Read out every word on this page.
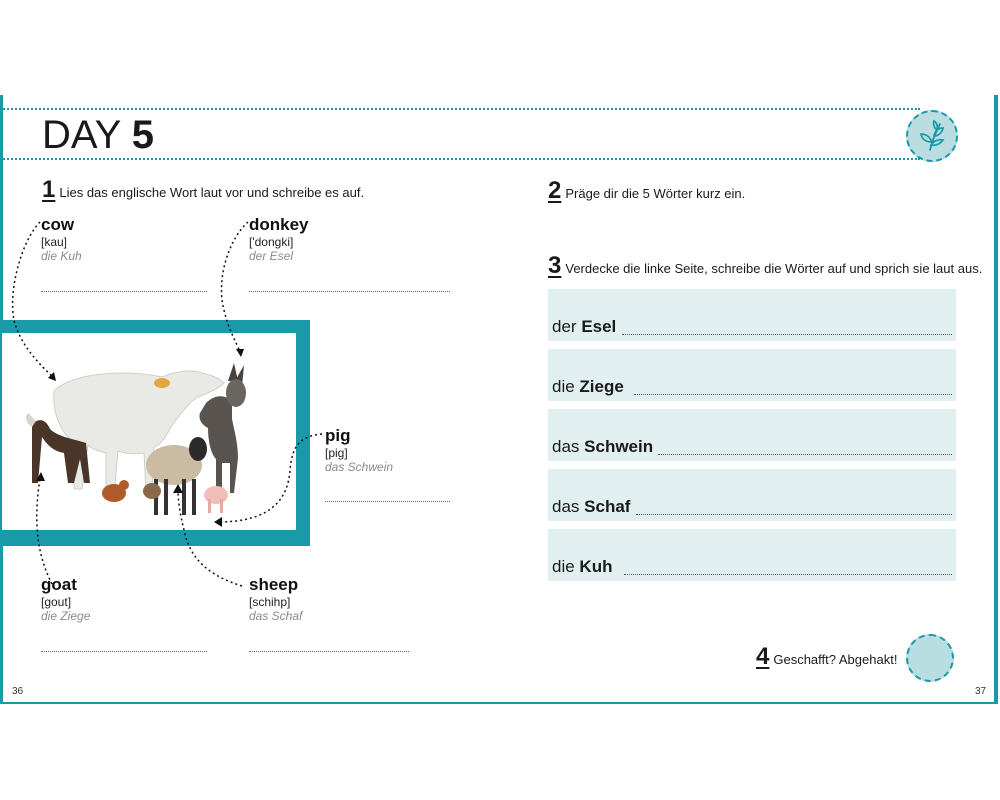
DAY 5
1 Lies das englische Wort laut vor und schreibe es auf.
cow
[kau]
die Kuh
donkey
['dongki]
der Esel
pig
[pig]
das Schwein
goat
[gout]
die Ziege
sheep
[schihp]
das Schaf
2 Präge dir die 5 Wörter kurz ein.
3 Verdecke die linke Seite, schreibe die Wörter auf und sprich sie laut aus.
der Esel
die Ziege
das Schwein
das Schaf
die Kuh
4 Geschafft? Abgehakt!
36	37
